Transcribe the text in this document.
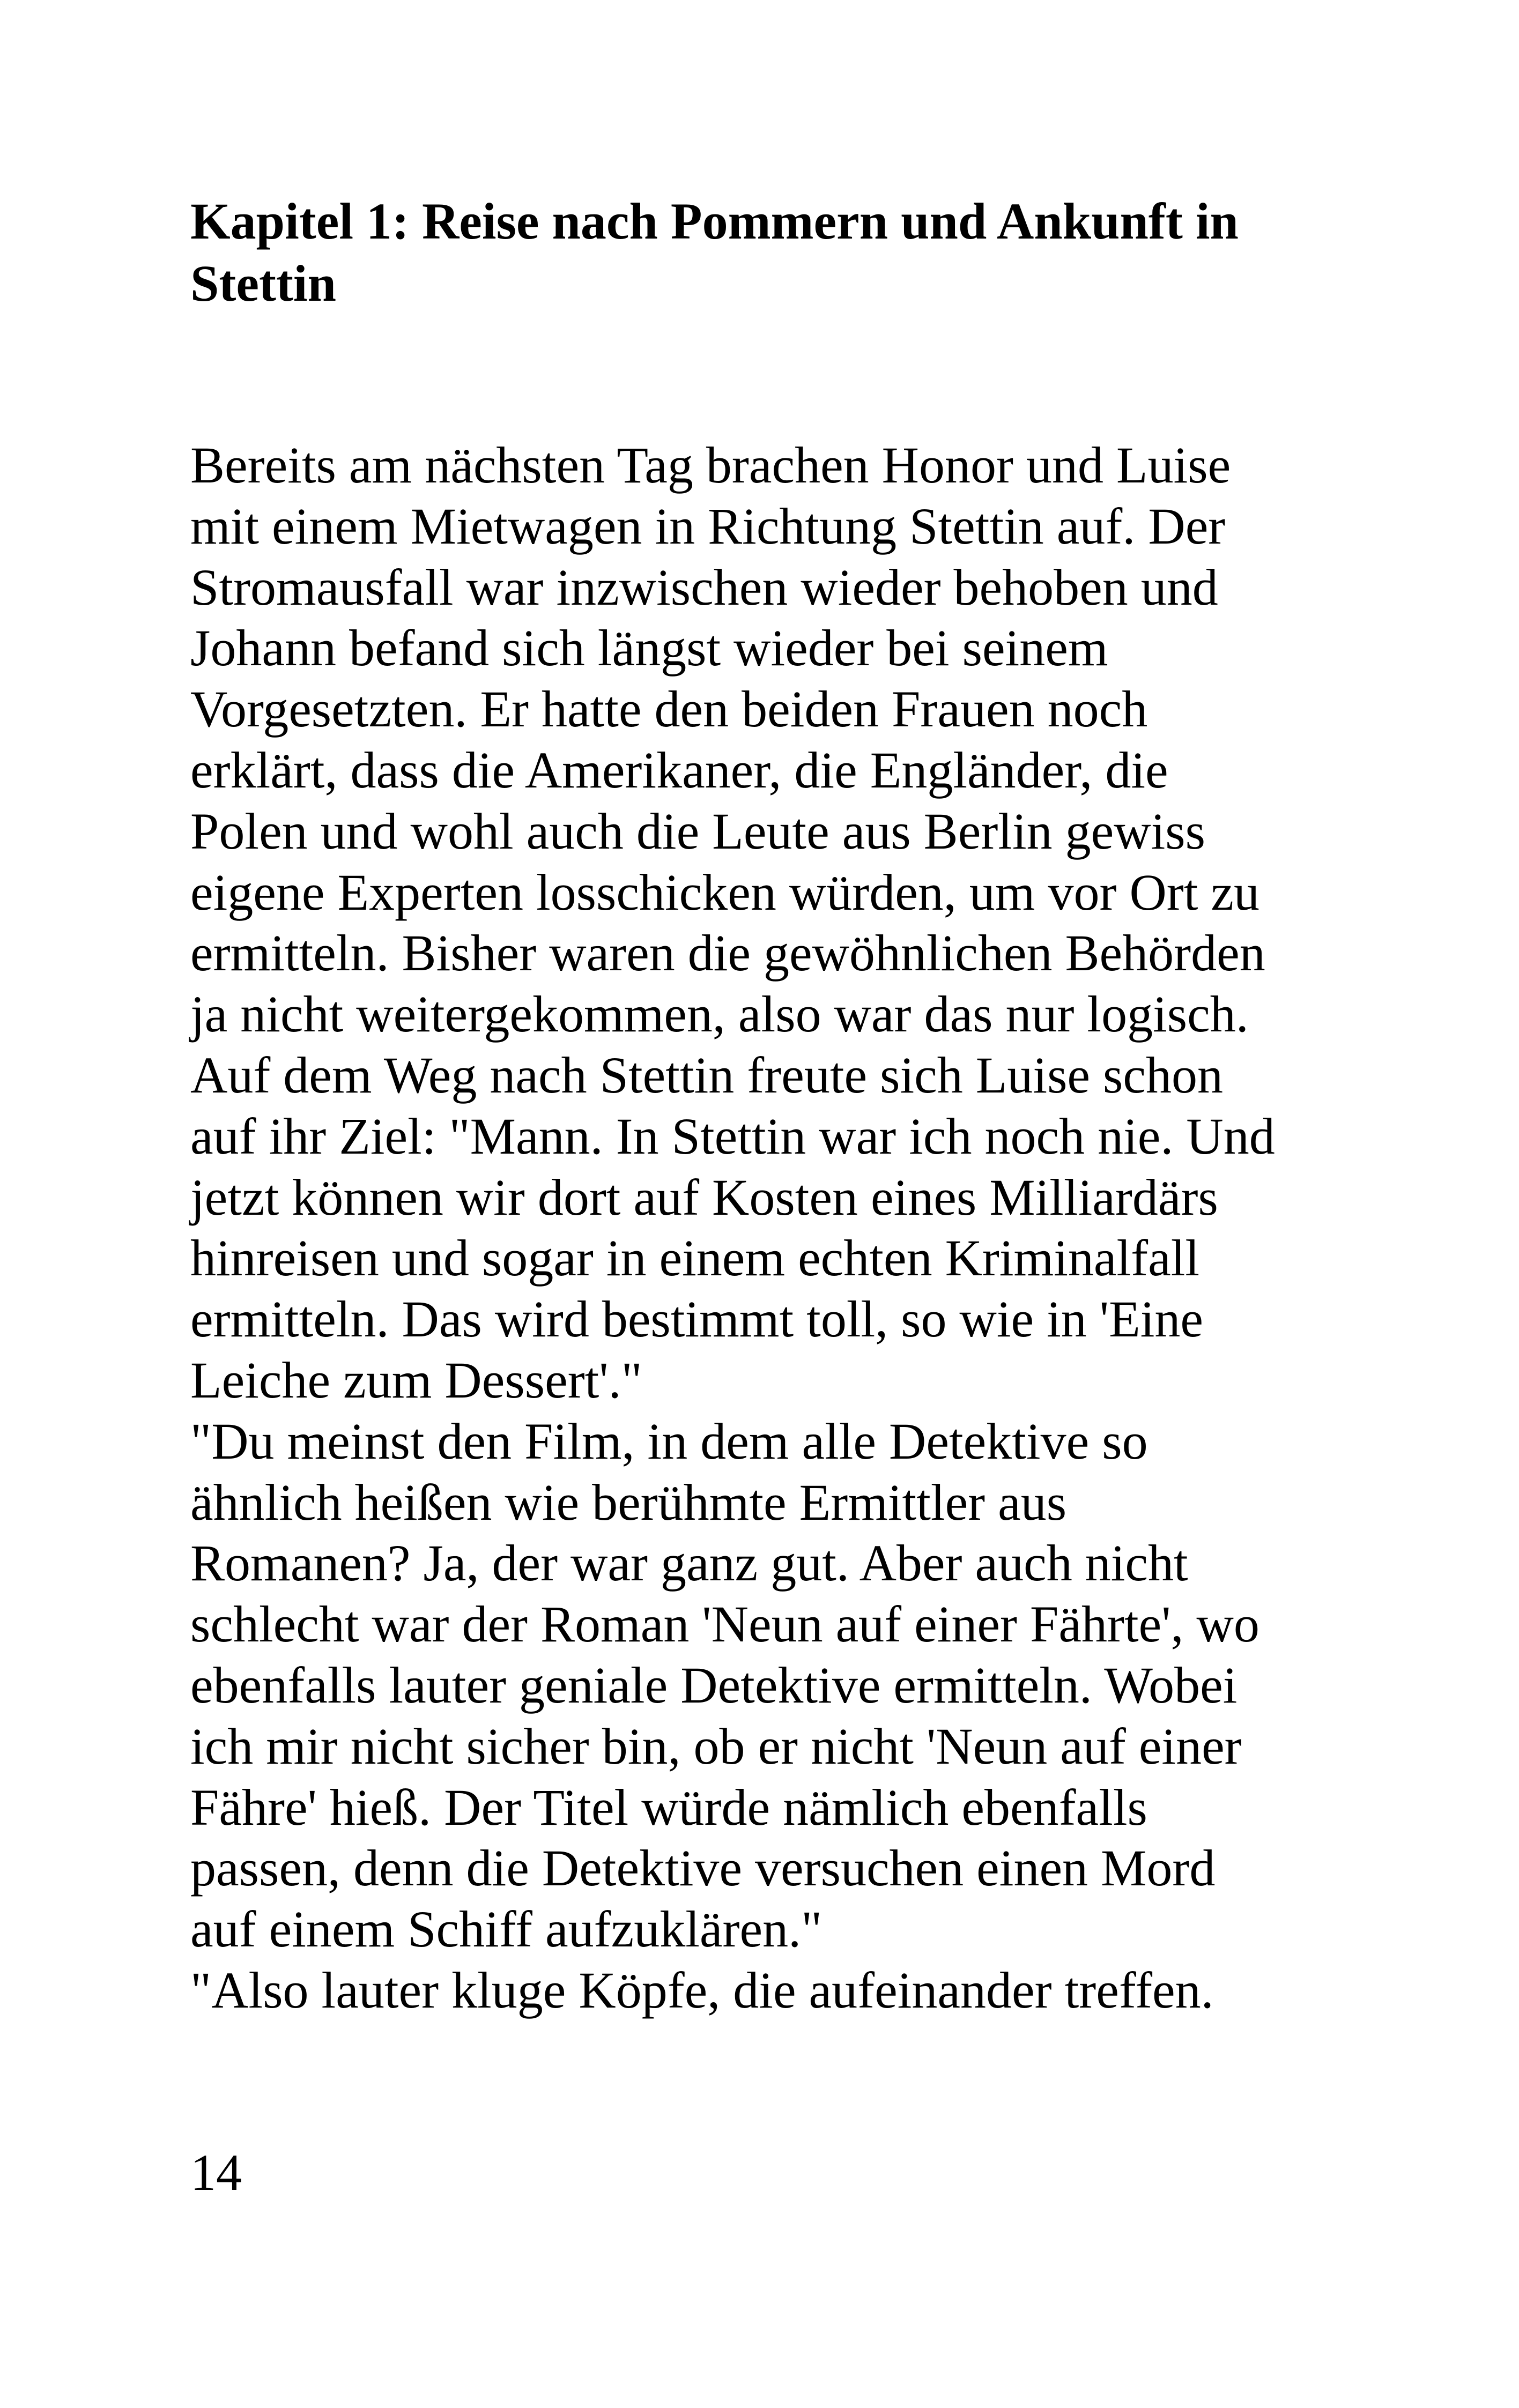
Kapitel 1: Reise nach Pommern und Ankunft in
Stettin
Bereits am nächsten Tag brachen Honor und Luise
mit einem Mietwagen in Richtung Stettin auf. Der
Stromausfall war inzwischen wieder behoben und
Johann befand sich längst wieder bei seinem
Vorgesetzten. Er hatte den beiden Frauen noch
erklärt, dass die Amerikaner, die Engländer, die
Polen und wohl auch die Leute aus Berlin gewiss
eigene Experten losschicken würden, um vor Ort zu
ermitteln. Bisher waren die gewöhnlichen Behörden
ja nicht weitergekommen, also war das nur logisch.
Auf dem Weg nach Stettin freute sich Luise schon
auf ihr Ziel: "Mann. In Stettin war ich noch nie. Und
jetzt können wir dort auf Kosten eines Milliardärs
hinreisen und sogar in einem echten Kriminalfall
ermitteln. Das wird bestimmt toll, so wie in 'Eine
Leiche zum Dessert'."
"Du meinst den Film, in dem alle Detektive so
ähnlich heißen wie berühmte Ermittler aus
Romanen? Ja, der war ganz gut. Aber auch nicht
schlecht war der Roman 'Neun auf einer Fährte', wo
ebenfalls lauter geniale Detektive ermitteln. Wobei
ich mir nicht sicher bin, ob er nicht 'Neun auf einer
Fähre' hieß. Der Titel würde nämlich ebenfalls
passen, denn die Detektive versuchen einen Mord
auf einem Schiff aufzuklären."
"Also lauter kluge Köpfe, die aufeinander treffen.
14
